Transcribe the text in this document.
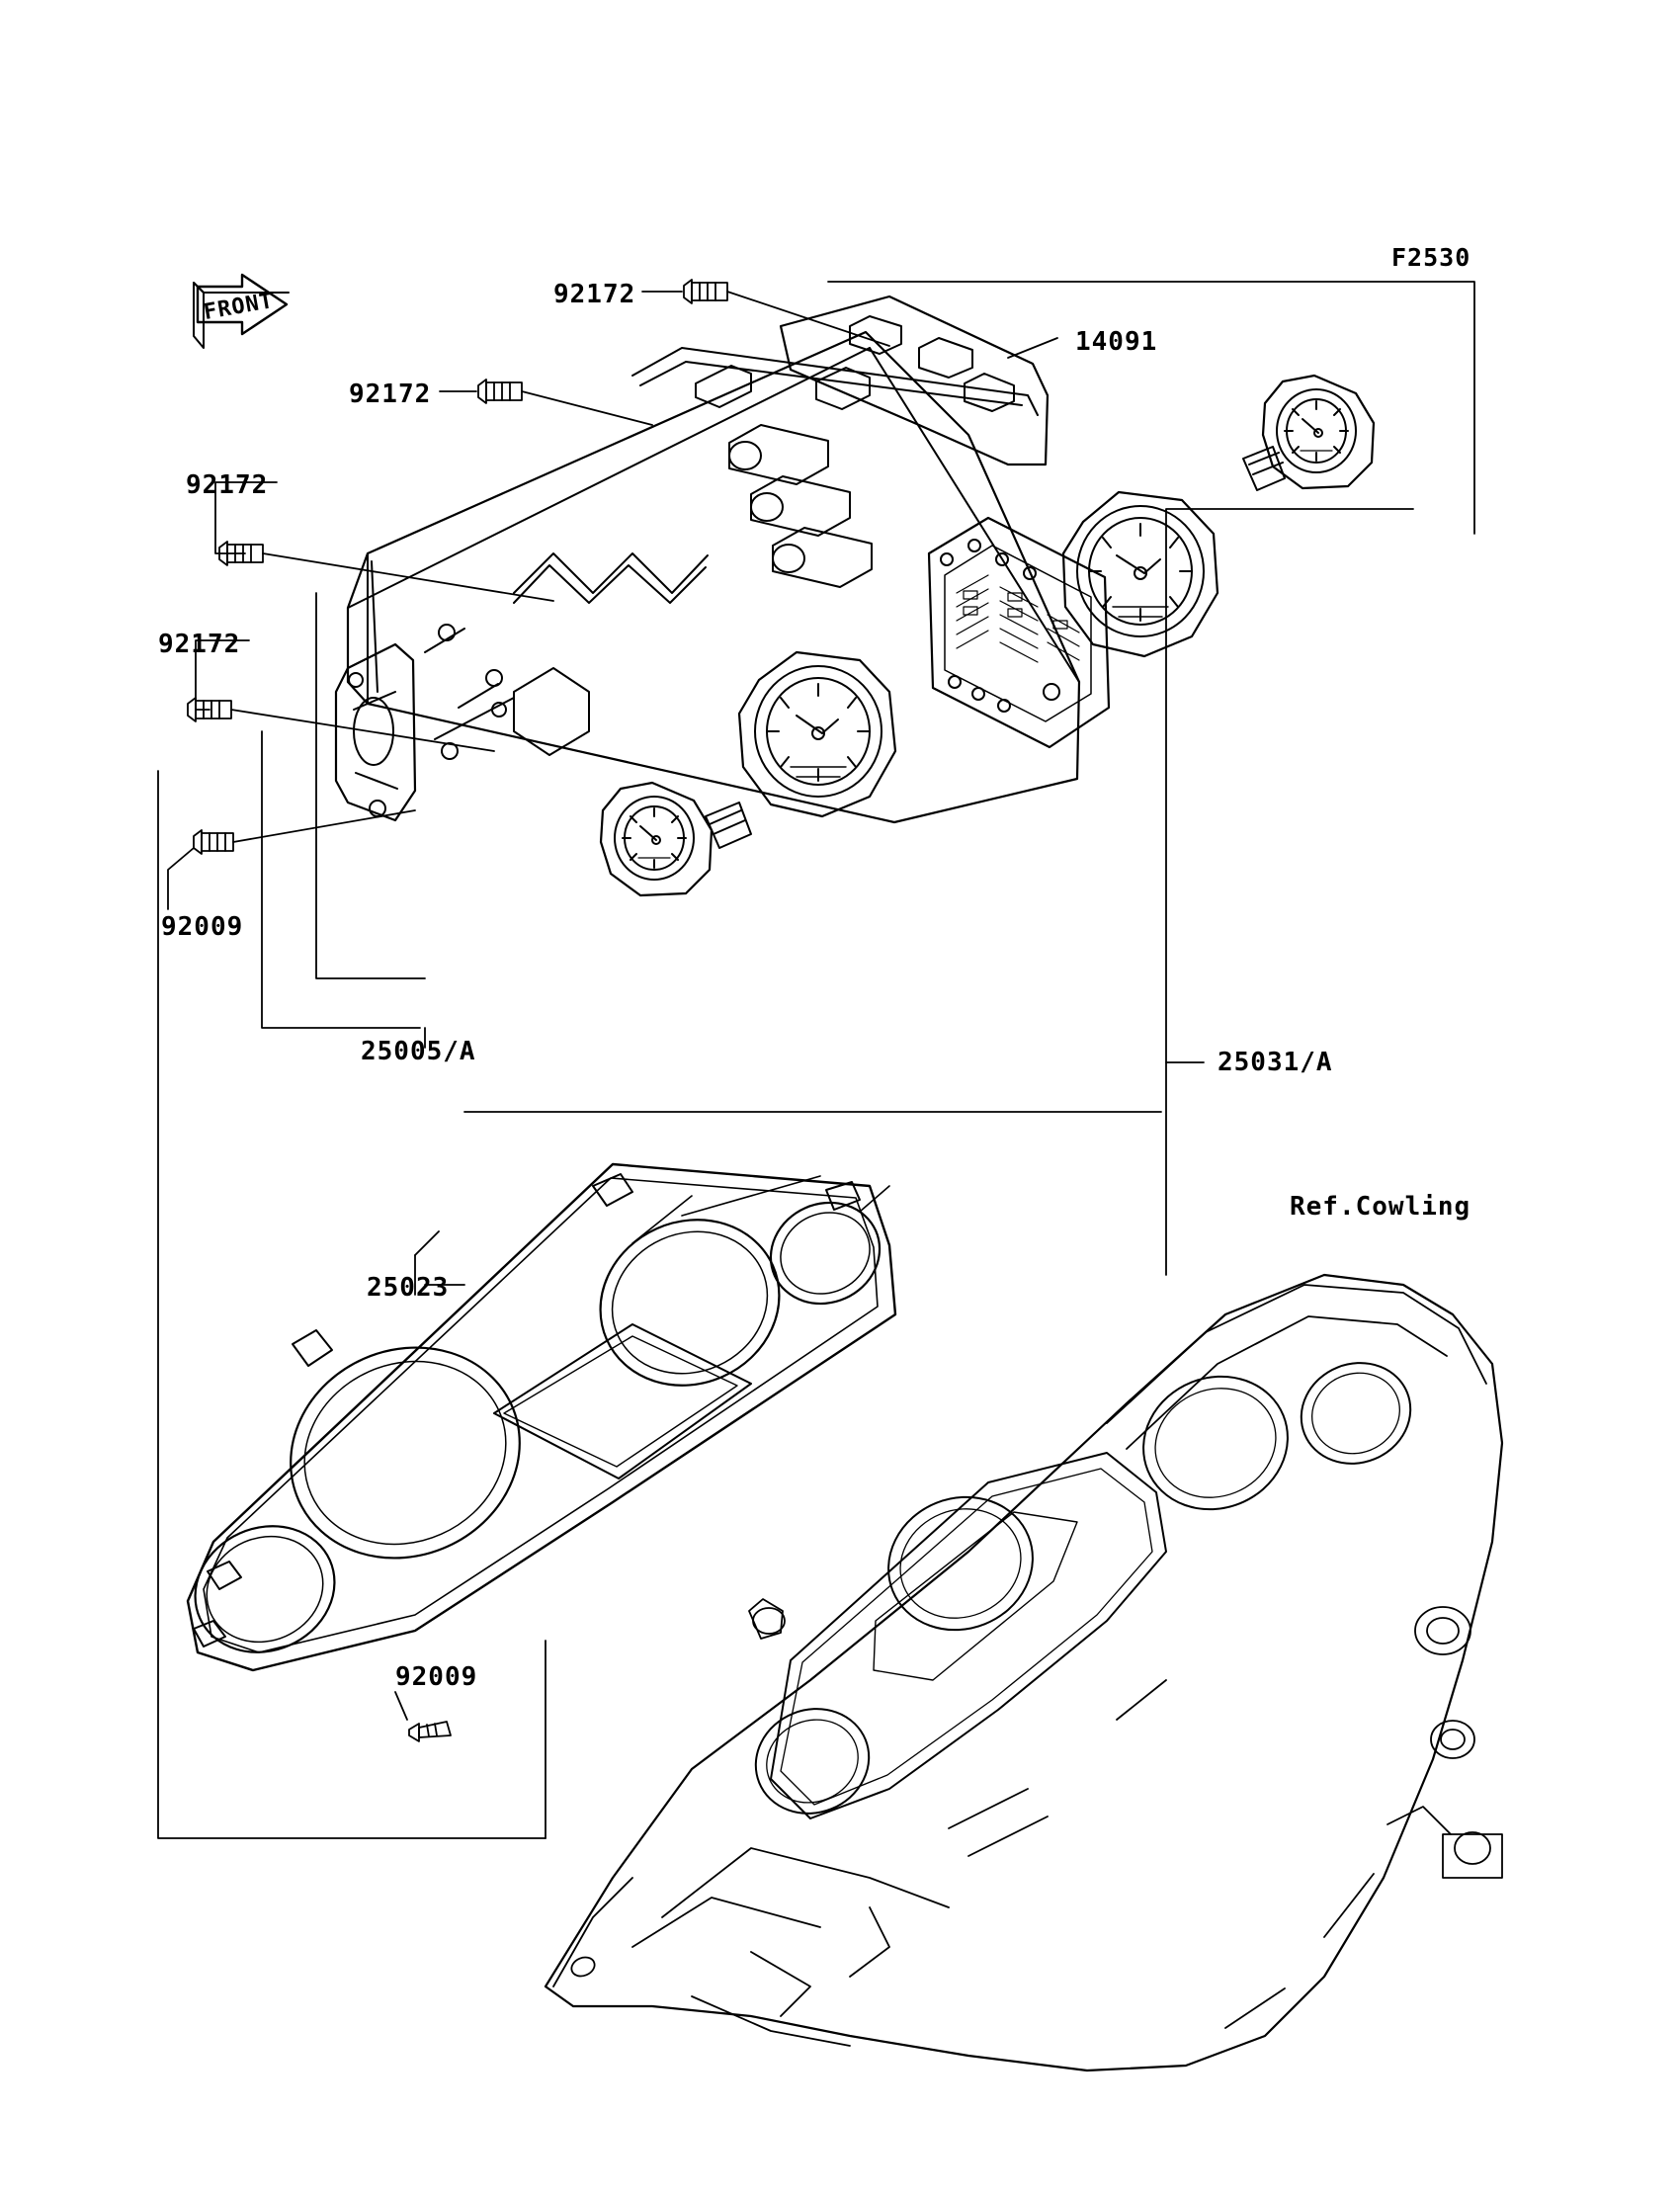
F2530
FRONT	92172
14091
92172
92172
92172
92009
25005/A	25031/A
25023
92009
Ref.Cowling
